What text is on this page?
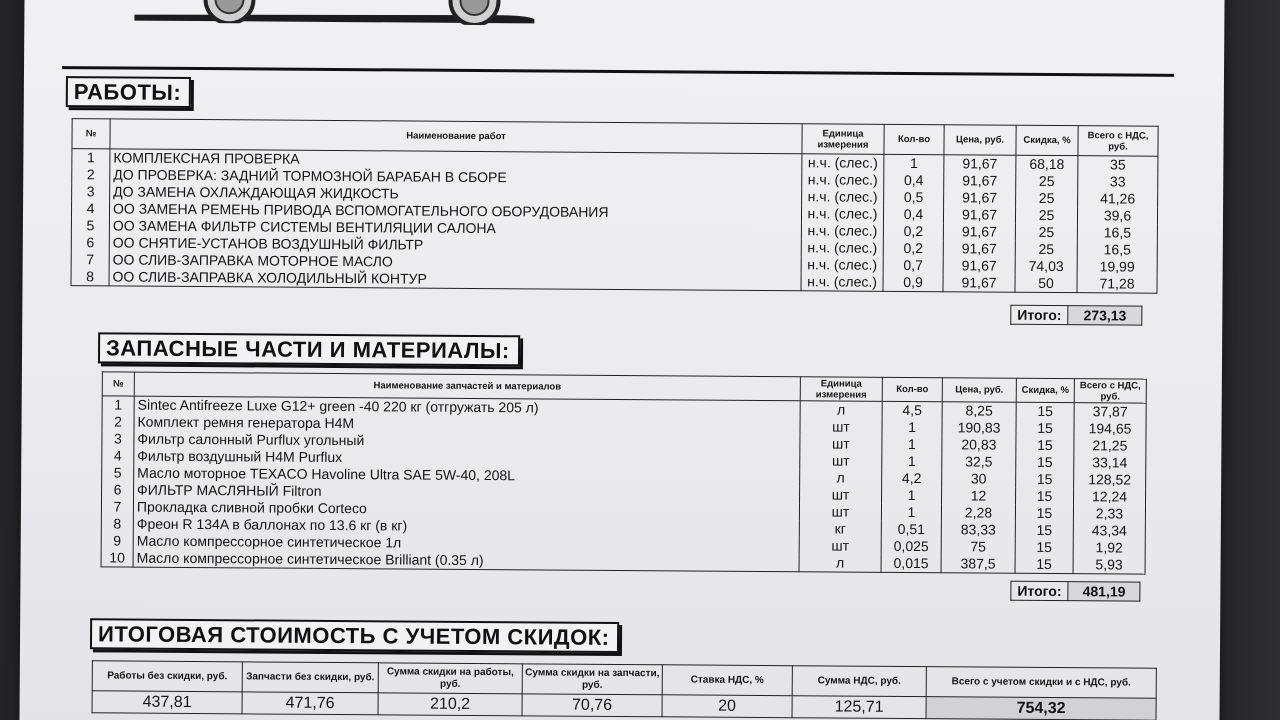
РАБОТЫ:
№	Наименование работ	Единица измерения	Кол-во	Цена, руб.	Скидка, %	Всего с НДС, руб.
1	КОМПЛЕКСНАЯ ПРОВЕРКА	н.ч. (слес.)	1	91,67	68,18	35
2	ДО ПРОВЕРКА: ЗАДНИЙ ТОРМОЗНОЙ БАРАБАН В СБОРЕ	н.ч. (слес.)	0,4	91,67	25	33
3	ДО ЗАМЕНА ОХЛАЖДАЮЩАЯ ЖИДКОСТЬ	н.ч. (слес.)	0,5	91,67	25	41,26
4	ОО ЗАМЕНА РЕМЕНЬ ПРИВОДА ВСПОМОГАТЕЛЬНОГО ОБОРУДОВАНИЯ	н.ч. (слес.)	0,4	91,67	25	39,6
5	ОО ЗАМЕНА ФИЛЬТР СИСТЕМЫ ВЕНТИЛЯЦИИ САЛОНА	н.ч. (слес.)	0,2	91,67	25	16,5
6	ОО СНЯТИЕ-УСТАНОВ ВОЗДУШНЫЙ ФИЛЬТР	н.ч. (слес.)	0,2	91,67	25	16,5
7	ОО СЛИВ-ЗАПРАВКА МОТОРНОЕ МАСЛО	н.ч. (слес.)	0,7	91,67	74,03	19,99
8	ОО СЛИВ-ЗАПРАВКА ХОЛОДИЛЬНЫЙ КОНТУР	н.ч. (слес.)	0,9	91,67	50	71,28
Итого:	273,13
ЗАПАСНЫЕ ЧАСТИ И МАТЕРИАЛЫ:
№	Наименование запчастей и материалов	Единица измерения	Кол-во	Цена, руб.	Скидка, %	Всего с НДС, руб.
1	Sintec Antifreeze Luxe G12+ green -40 220 кг (отгружать 205 л)	л	4,5	8,25	15	37,87
2	Комплект ремня генератора H4M	шт	1	190,83	15	194,65
3	Фильтр салонный Purflux угольный	шт	1	20,83	15	21,25
4	Фильтр воздушный H4M Purflux	шт	1	32,5	15	33,14
5	Масло моторное TEXACO Havoline Ultra SAE 5W-40, 208L	л	4,2	30	15	128,52
6	ФИЛЬТР МАСЛЯНЫЙ Filtron	шт	1	12	15	12,24
7	Прокладка сливной пробки Corteco	шт	1	2,28	15	2,33
8	Фреон R 134A в баллонах по 13.6 кг (в кг)	кг	0,51	83,33	15	43,34
9	Масло компрессорное синтетическое 1л	шт	0,025	75	15	1,92
10	Масло компрессорное синтетическое Brilliant (0.35 л)	л	0,015	387,5	15	5,93
Итого:	481,19
ИТОГОВАЯ СТОИМОСТЬ С УЧЕТОМ СКИДОК:
Работы без скидки, руб.	Запчасти без скидки, руб.	Сумма скидки на работы, руб.	Сумма скидки на запчасти, руб.	Ставка НДС, %	Сумма НДС, руб.	Всего с учетом скидки и с НДС, руб.
437,81	471,76	210,2	70,76	20	125,71	754,32
